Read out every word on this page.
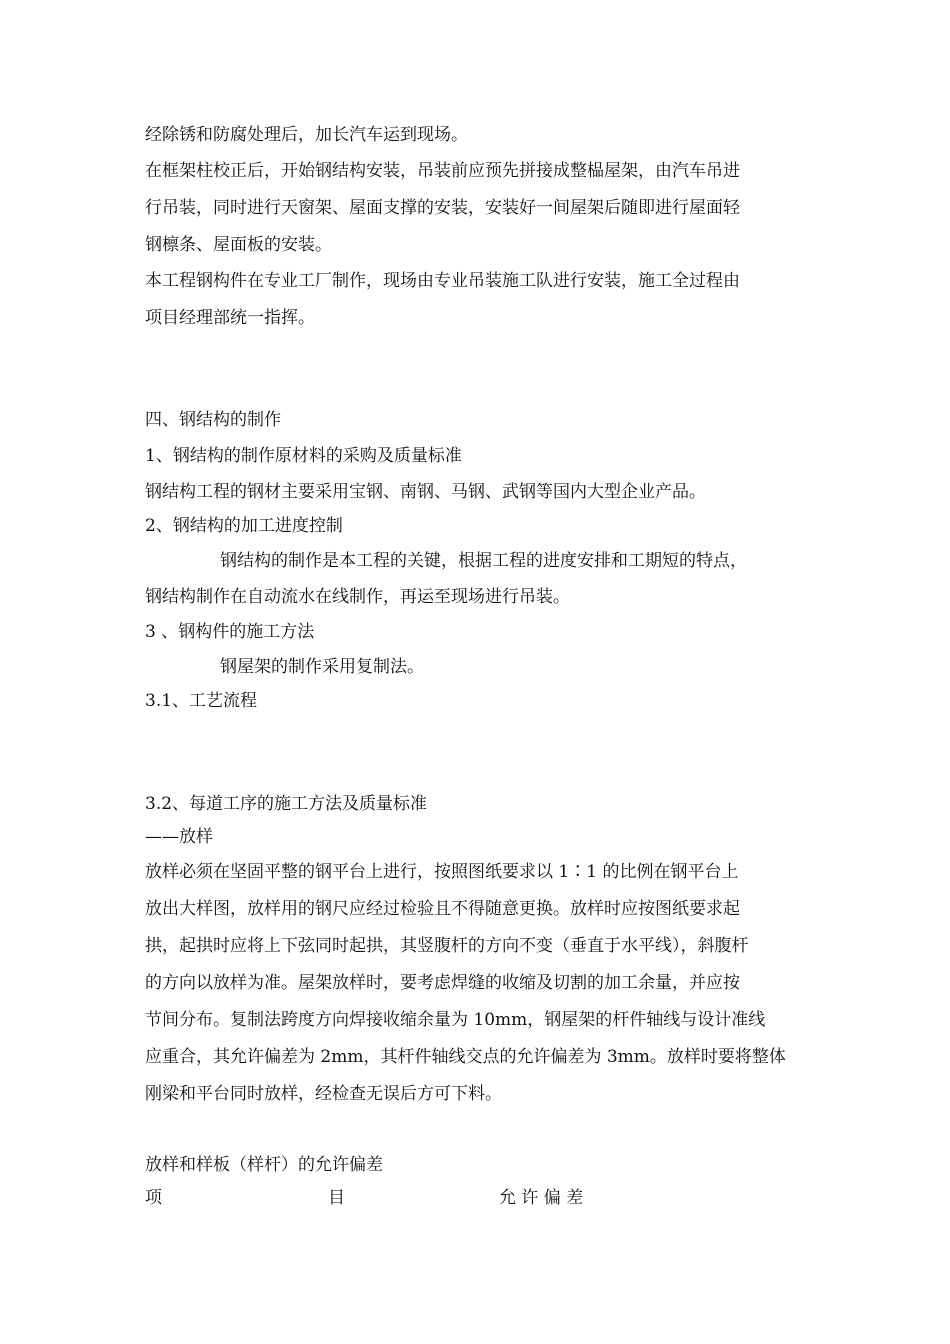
经除锈和防腐处理后，加长汽车运到现场。
在框架柱校正后，开始钢结构安装，吊装前应预先拼接成整榀屋架，由汽车吊进
行吊装，同时进行天窗架、屋面支撑的安装，安装好一间屋架后随即进行屋面轻
钢檩条、屋面板的安装。
本工程钢构件在专业工厂制作，现场由专业吊装施工队进行安装，施工全过程由
项目经理部统一指挥。
四、钢结构的制作
1、钢结构的制作原材料的采购及质量标准
钢结构工程的钢材主要采用宝钢、南钢、马钢、武钢等国内大型企业产品。
2、钢结构的加工进度控制
钢结构的制作是本工程的关键，根据工程的进度安排和工期短的特点，
钢结构制作在自动流水在线制作，再运至现场进行吊装。
3 、钢构件的施工方法
钢屋架的制作采用复制法。
3.1、工艺流程
3.2、每道工序的施工方法及质量标准
——放样
放样必须在坚固平整的钢平台上进行，按照图纸要求以 1∶1 的比例在钢平台上
放出大样图，放样用的钢尺应经过检验且不得随意更换。放样时应按图纸要求起
拱，起拱时应将上下弦同时起拱，其竖腹杆的方向不变（垂直于水平线），斜腹杆
的方向以放样为准。屋架放样时，要考虑焊缝的收缩及切割的加工余量，并应按
节间分布。复制法跨度方向焊接收缩余量为 10mm，钢屋架的杆件轴线与设计准线
应重合，其允许偏差为 2mm，其杆件轴线交点的允许偏差为 3mm。放样时要将整体
刚梁和平台同时放样，经检查无误后方可下料。
放样和样板（样杆）的允许偏差
项	目	允 许 偏 差
